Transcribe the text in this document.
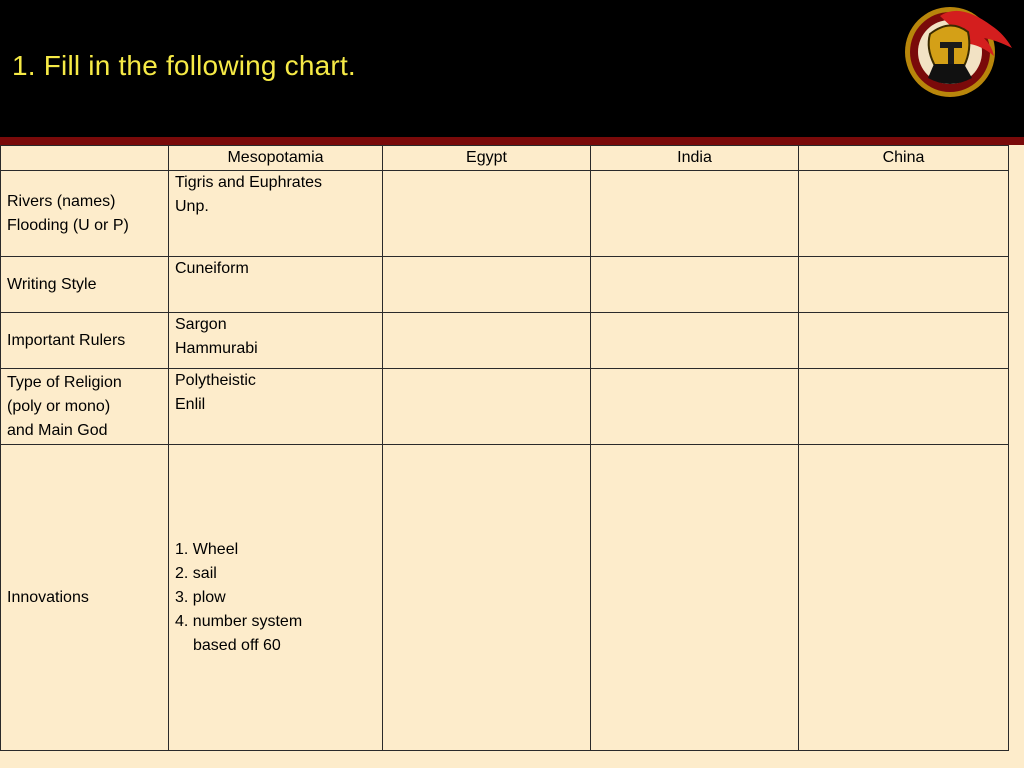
1. Fill in the following chart.
	Mesopotamia	Egypt	India	China

Rivers (names)
Flooding (U or P)	Tigris and Euphrates
Unp.			

Writing Style	Cuneiform			

Important Rulers	Sargon
Hammurabi			

Type of Religion
(poly or mono)
and Main God	Polytheistic
Enlil			

Innovations	1. Wheel
2. sail
3. plow
4. number system
based off 60			
